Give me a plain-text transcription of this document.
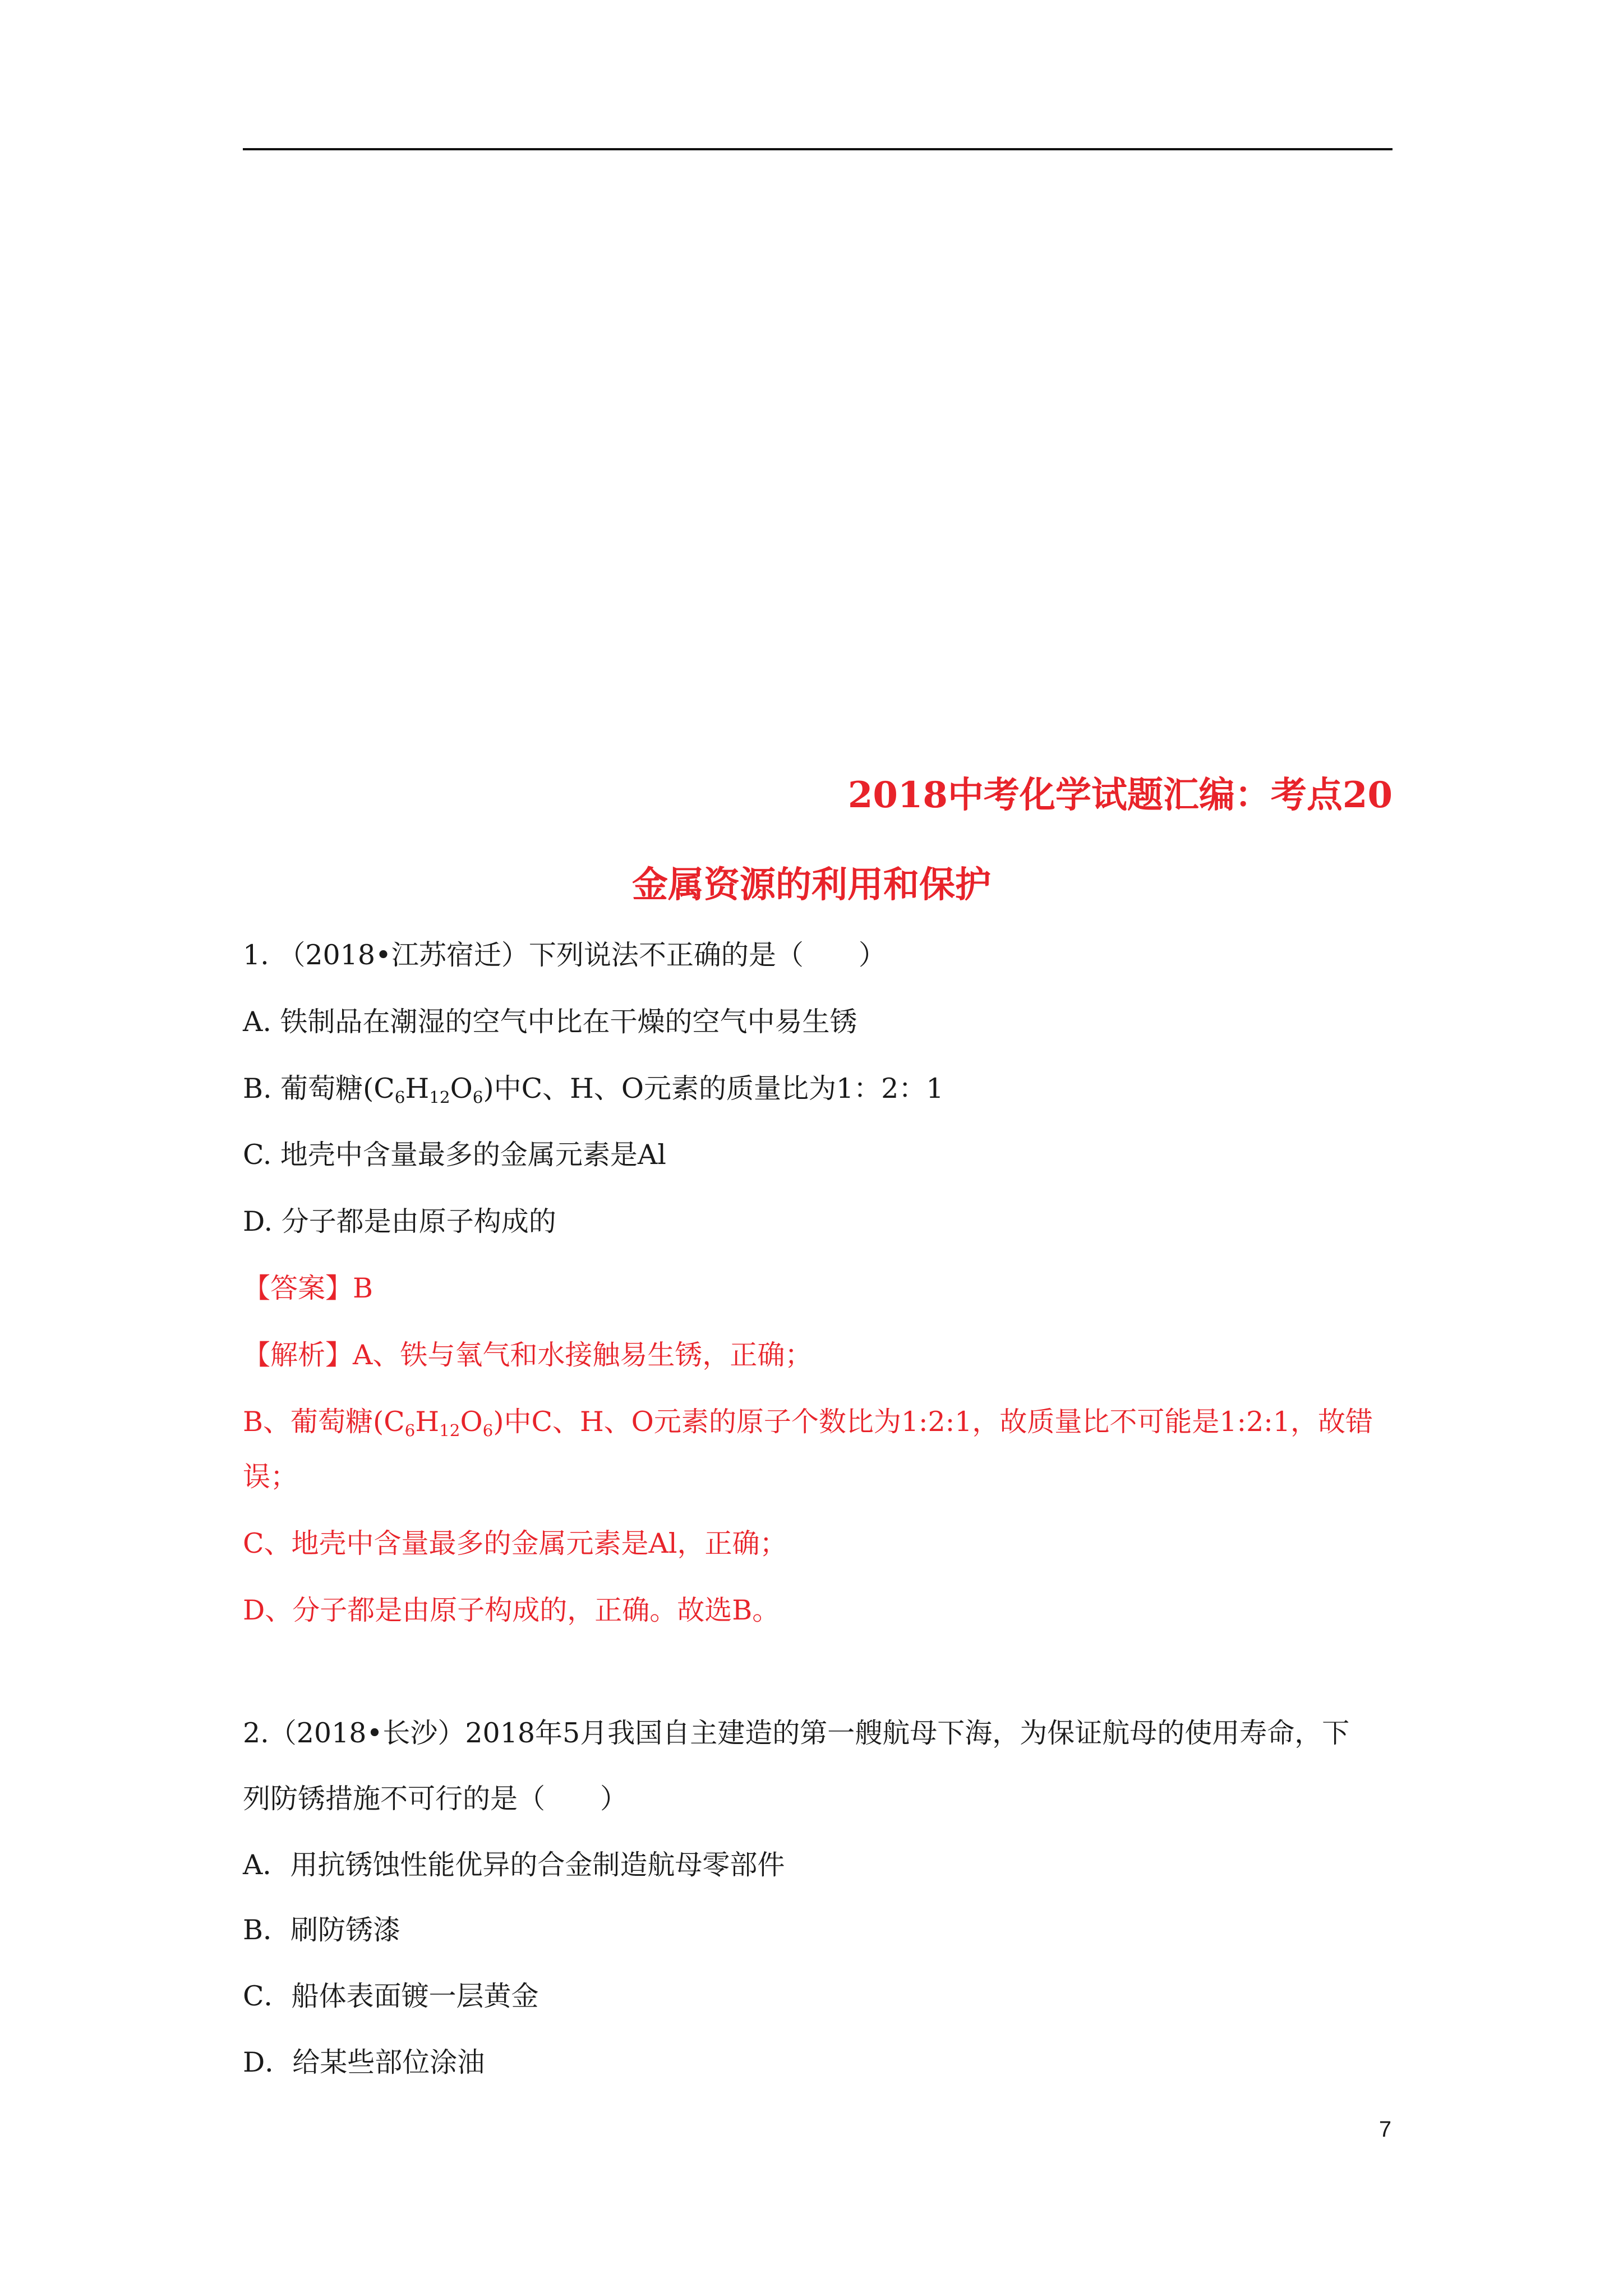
2018中考化学试题汇编：考点20
金属资源的利用和保护
1. （2018•江苏宿迁）下列说法不正确的是（　　）
A. 铁制品在潮湿的空气中比在干燥的空气中易生锈
B. 葡萄糖$(C_6H_{12}O_6)$中C、H、O元素的质量比为1：2：1
C. 地壳中含量最多的金属元素是Al
D. 分子都是由原子构成的
【答案】B
【解析】A、铁与氧气和水接触易生锈，正确；
B、葡萄糖$(C_6H_{12}O_6)$中C、H、O元素的原子个数比为1:2:1，故质量比不可能是1:2:1，故错
误；
C、地壳中含量最多的金属元素是Al，正确；
D、分子都是由原子构成的，正确。故选B。
2.（2018•长沙）2018年5月我国自主建造的第一艘航母下海，为保证航母的使用寿命，下
列防锈措施不可行的是（　　）
A．用抗锈蚀性能优异的合金制造航母零部件
B．刷防锈漆
C．船体表面镀一层黄金
D．给某些部位涂油
7
